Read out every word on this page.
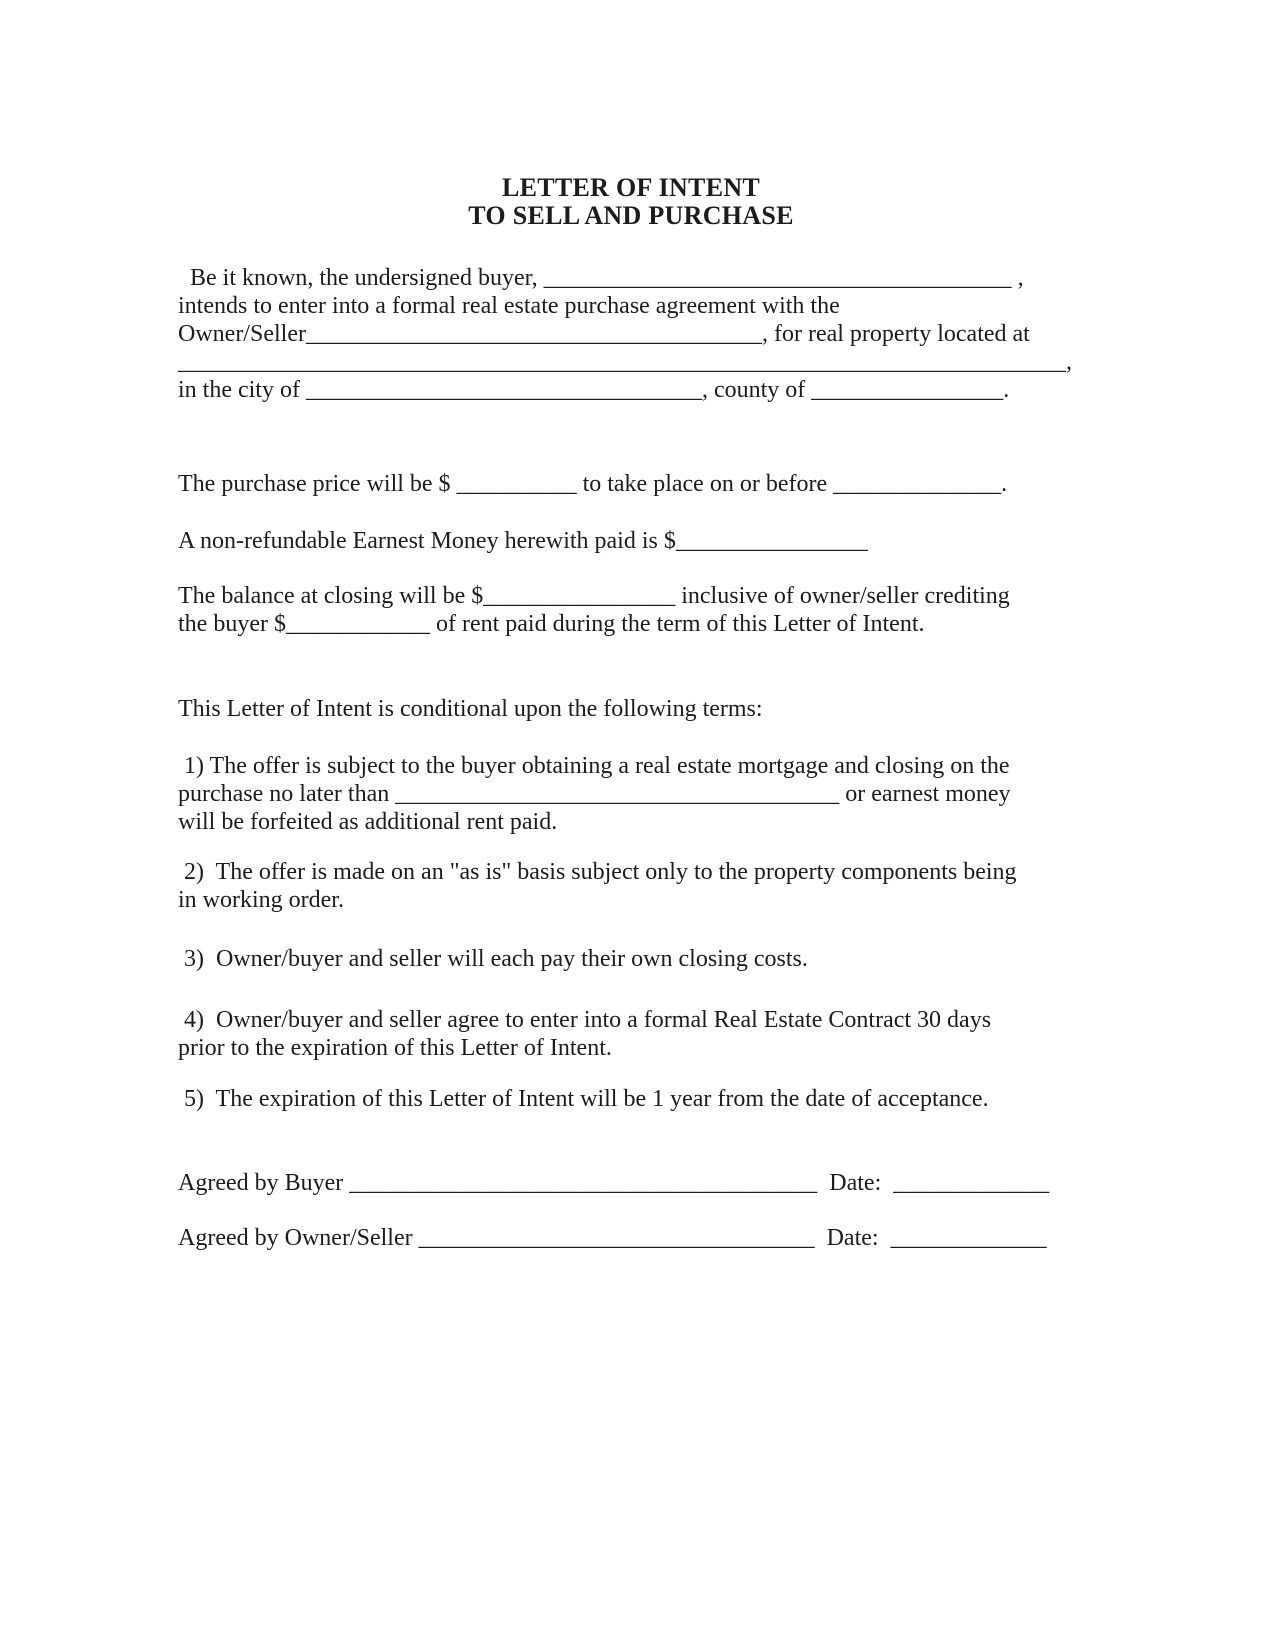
LETTER OF INTENT
TO SELL AND PURCHASE
Be it known, the undersigned buyer, _______________________________________ ,
intends to enter into a formal real estate purchase agreement with the
Owner/Seller______________________________________, for real property located at
__________________________________________________________________________,
in the city of _________________________________, county of ________________.
The purchase price will be $ __________ to take place on or before ______________.
A non-refundable Earnest Money herewith paid is $________________
The balance at closing will be $________________ inclusive of owner/seller crediting
the buyer $____________ of rent paid during the term of this Letter of Intent.
This Letter of Intent is conditional upon the following terms:
1) The offer is subject to the buyer obtaining a real estate mortgage and closing on the
purchase no later than _____________________________________ or earnest money
will be forfeited as additional rent paid.
2)  The offer is made on an "as is" basis subject only to the property components being
in working order.
3)  Owner/buyer and seller will each pay their own closing costs.
4)  Owner/buyer and seller agree to enter into a formal Real Estate Contract 30 days
prior to the expiration of this Letter of Intent.
5)  The expiration of this Letter of Intent will be 1 year from the date of acceptance.
Agreed by Buyer _______________________________________  Date:  _____________
Agreed by Owner/Seller _________________________________  Date:  _____________
